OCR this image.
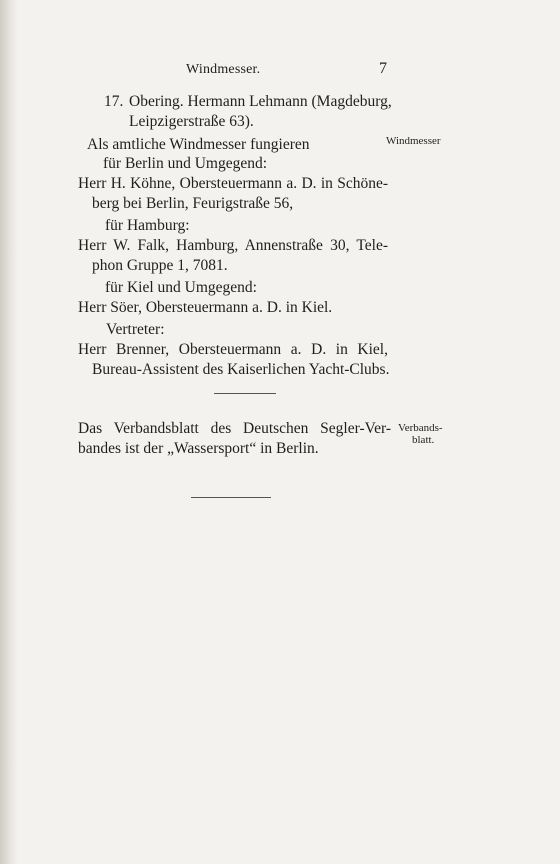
Windmesser.	7
17. Obering. Hermann Lehmann (Magdeburg,
Leipzigerstraße 63).
Als amtliche Windmesser fungieren	Windmesser
für Berlin und Umgegend:
Herr H. Köhne, Obersteuermann a. D. in Schöne-
berg bei Berlin, Feurigstraße 56,
für Hamburg:
Herr W. Falk, Hamburg, Annenstraße 30, Tele-
phon Gruppe 1, 7081.
für Kiel und Umgegend:
Herr Söer, Obersteuermann a. D. in Kiel.
Vertreter:
Herr Brenner, Obersteuermann a. D. in Kiel,
Bureau-Assistent des Kaiserlichen Yacht-Clubs.
Das Verbandsblatt des Deutschen Segler-Ver-
bandes ist der „Wassersport“ in Berlin.
Verbands-
blatt.
